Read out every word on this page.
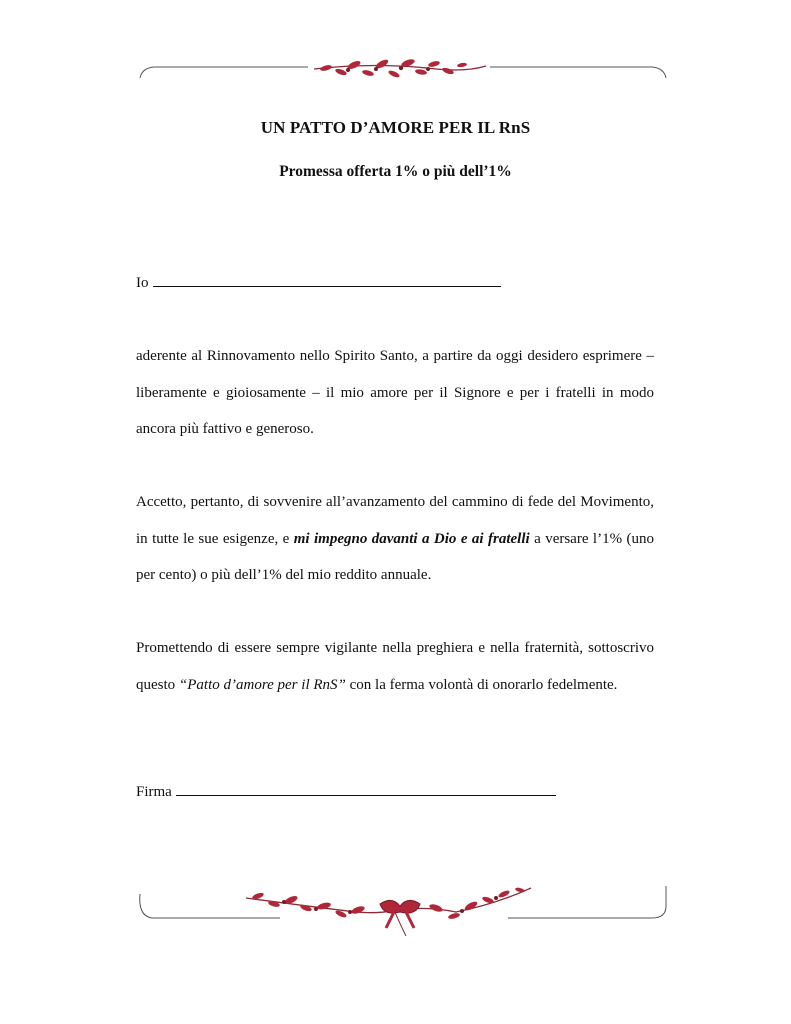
UN PATTO D’AMORE PER IL RnS
Promessa offerta 1% o più dell’1%
Io

aderente al Rinnovamento nello Spirito Santo, a partire da oggi desidero esprimere – liberamente e gioiosamente – il mio amore per il Signore e per i fratelli in modo ancora più fattivo e generoso.

Accetto, pertanto, di sovvenire all’avanzamento del cammino di fede del Movimento, in tutte le sue esigenze, e mi impegno davanti a Dio e ai fratelli a versare l’1% (uno per cento) o più dell’1% del mio reddito annuale.

Promettendo di essere sempre vigilante nella preghiera e nella fraternità, sottoscrivo questo “Patto d’amore per il RnS” con la ferma volontà di onorarlo fedelmente.

Firma
